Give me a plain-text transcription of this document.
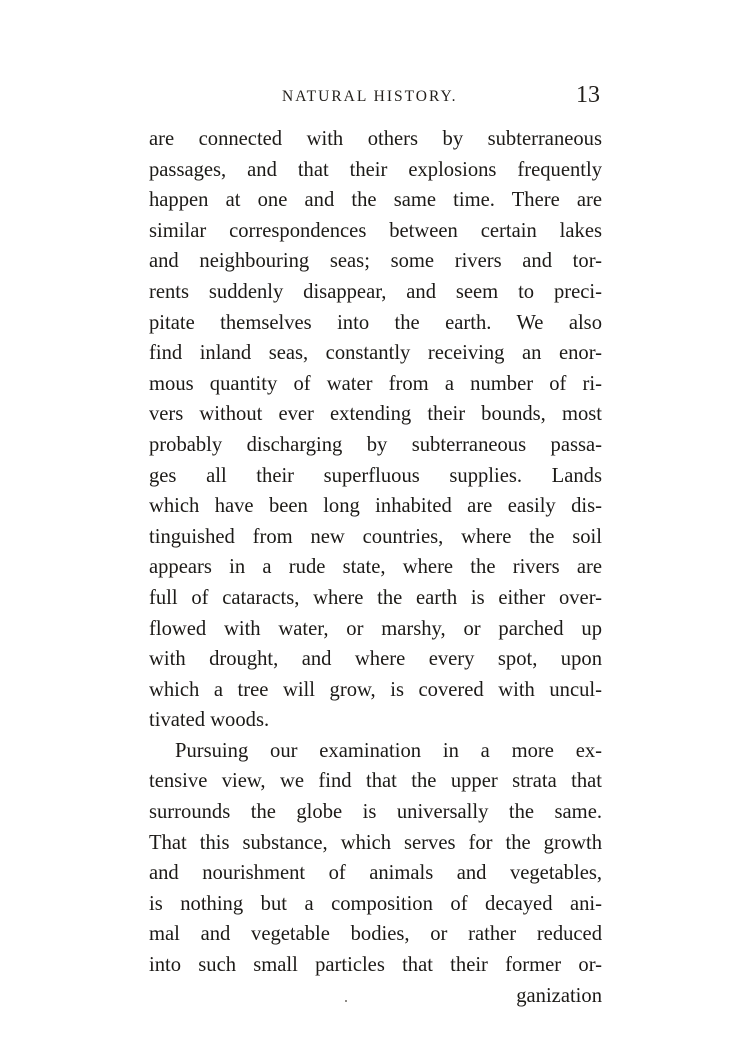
NATURAL HISTORY.	13
are connected with others by subterraneous
passages, and that their explosions frequently
happen at one and the same time. There are
similar correspondences between certain lakes
and neighbouring seas; some rivers and tor-
rents suddenly disappear, and seem to preci-
pitate themselves into the earth. We also
find inland seas, constantly receiving an enor-
mous quantity of water from a number of ri-
vers without ever extending their bounds, most
probably discharging by subterraneous passa-
ges all their superfluous supplies. Lands
which have been long inhabited are easily dis-
tinguished from new countries, where the soil
appears in a rude state, where the rivers are
full of cataracts, where the earth is either over-
flowed with water, or marshy, or parched up
with drought, and where every spot, upon
which a tree will grow, is covered with uncul-
tivated woods.
Pursuing our examination in a more ex-
tensive view, we find that the upper strata that
surrounds the globe is universally the same.
That this substance, which serves for the growth
and nourishment of animals and vegetables,
is nothing but a composition of decayed ani-
mal and vegetable bodies, or rather reduced
into such small particles that their former or-
ganization
